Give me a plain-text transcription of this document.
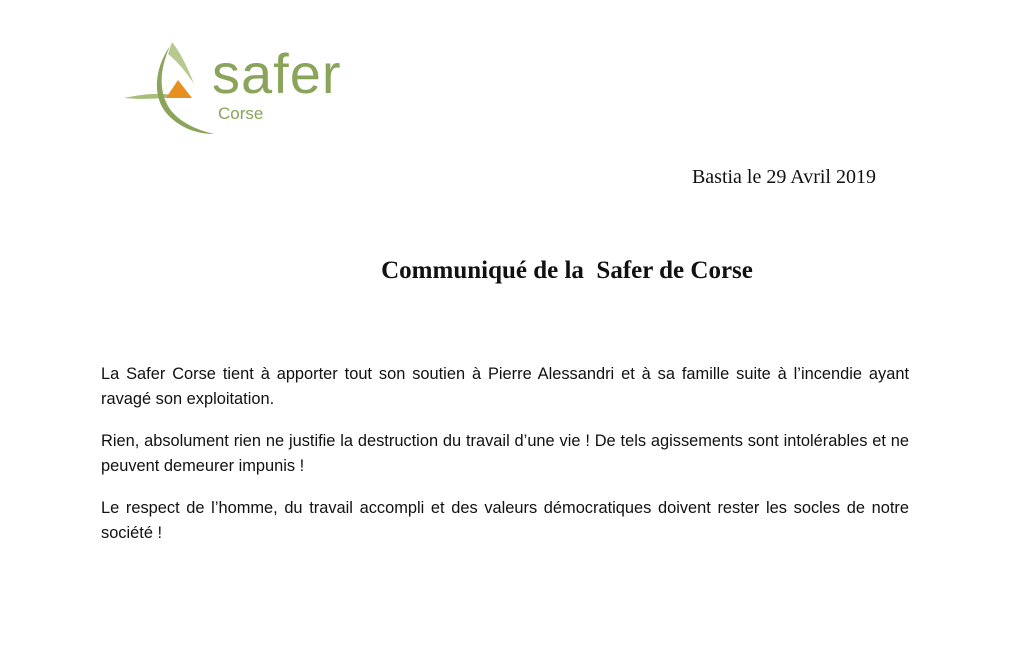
safer
Corse
Bastia le 29 Avril 2019
Communiqué de la  Safer de Corse

La Safer Corse tient à apporter tout son soutien à Pierre Alessandri et à sa famille suite à l’incendie ayant ravagé son exploitation.

Rien, absolument rien ne justifie la destruction du travail d’une vie ! De tels agissements sont intolérables et ne peuvent demeurer impunis !

Le respect de l’homme, du travail accompli et des valeurs démocratiques doivent rester les socles de notre société !
